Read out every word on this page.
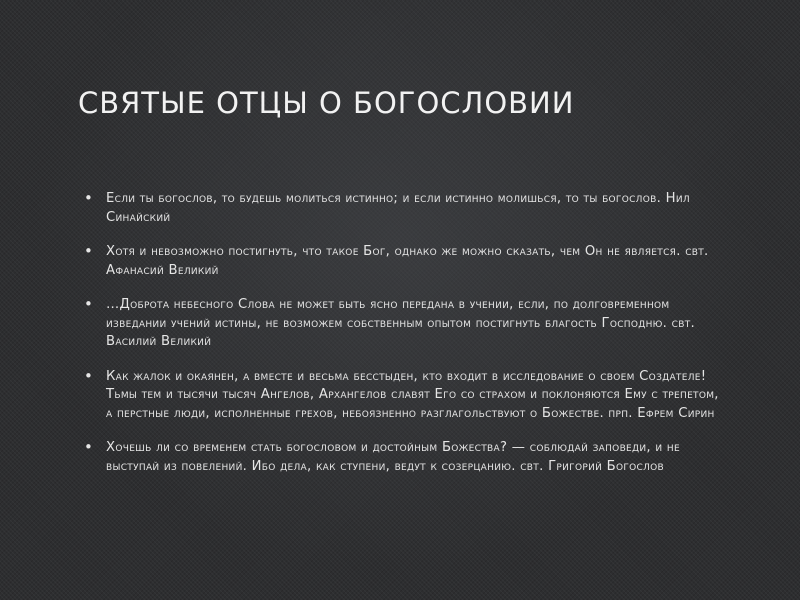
СВЯТЫЕ ОТЦЫ О БОГОСЛОВИИ
• Если ты богослов, то будешь молиться истинно; и если истинно молишься, то ты богослов. Нил Синайский
• Хотя и невозможно постигнуть, что такое Бог, однако же можно сказать, чем Он не является. свт. Афанасий Великий
• …Доброта небесного Слова не может быть ясно передана в учении, если, по долговременном изведании учений истины, не возможем собственным опытом постигнуть благость Господню. свт. Василий Великий
• Как жалок и окаянен, а вместе и весьма бесстыден, кто входит в исследование о своем Создателе! Тьмы тем и тысячи тысяч Ангелов, Архангелов славят Его со страхом и поклоняются Ему с трепетом, а перстные люди, исполненные грехов, небоязненно разглагольствуют о Божестве. прп. Ефрем Сирин
• Хочешь ли со временем стать богословом и достойным Божества? — соблюдай заповеди, и не выступай из повелений. Ибо дела, как ступени, ведут к созерцанию. свт. Григорий Богослов
